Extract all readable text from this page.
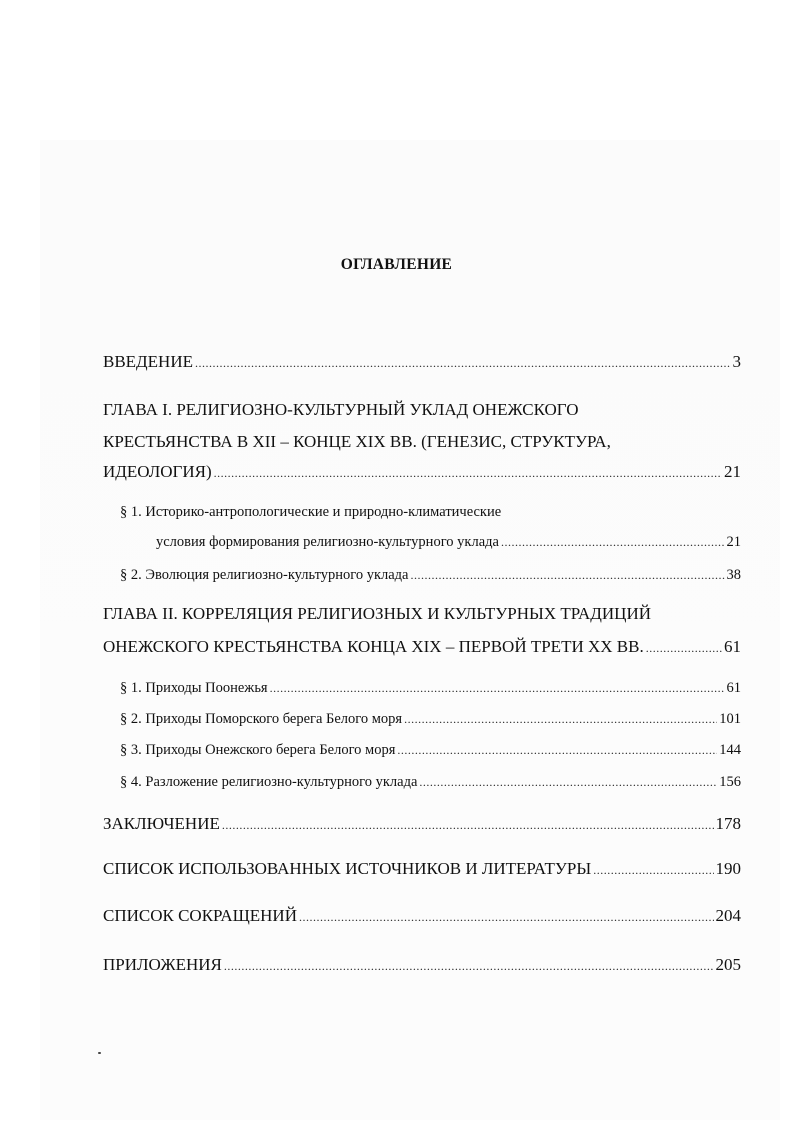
ОГЛАВЛЕНИЕ
ВВЕДЕНИЕ .....	3
ГЛАВА I. РЕЛИГИОЗНО-КУЛЬТУРНЫЙ УКЛАД ОНЕЖСКОГО
КРЕСТЬЯНСТВА В XII – КОНЦЕ XIX ВВ. (ГЕНЕЗИС, СТРУКТУРА,
ИДЕОЛОГИЯ) .....	21
§ 1. Историко-антропологические и природно-климатические
условия формирования религиозно-культурного уклада .....	21
§ 2. Эволюция религиозно-культурного уклада .....	38
ГЛАВА II. КОРРЕЛЯЦИЯ РЕЛИГИОЗНЫХ И КУЛЬТУРНЫХ ТРАДИЦИЙ
ОНЕЖСКОГО КРЕСТЬЯНСТВА КОНЦА XIX – ПЕРВОЙ ТРЕТИ XX ВВ. .....	61
§ 1. Приходы Поонежья .....	61
§ 2. Приходы Поморского берега Белого моря .....	101
§ 3. Приходы Онежского берега Белого моря .....	144
§ 4. Разложение религиозно-культурного уклада .....	156
ЗАКЛЮЧЕНИЕ .....	178
СПИСОК ИСПОЛЬЗОВАННЫХ ИСТОЧНИКОВ И ЛИТЕРАТУРЫ .....	190
СПИСОК СОКРАЩЕНИЙ .....	204
ПРИЛОЖЕНИЯ .....	205
